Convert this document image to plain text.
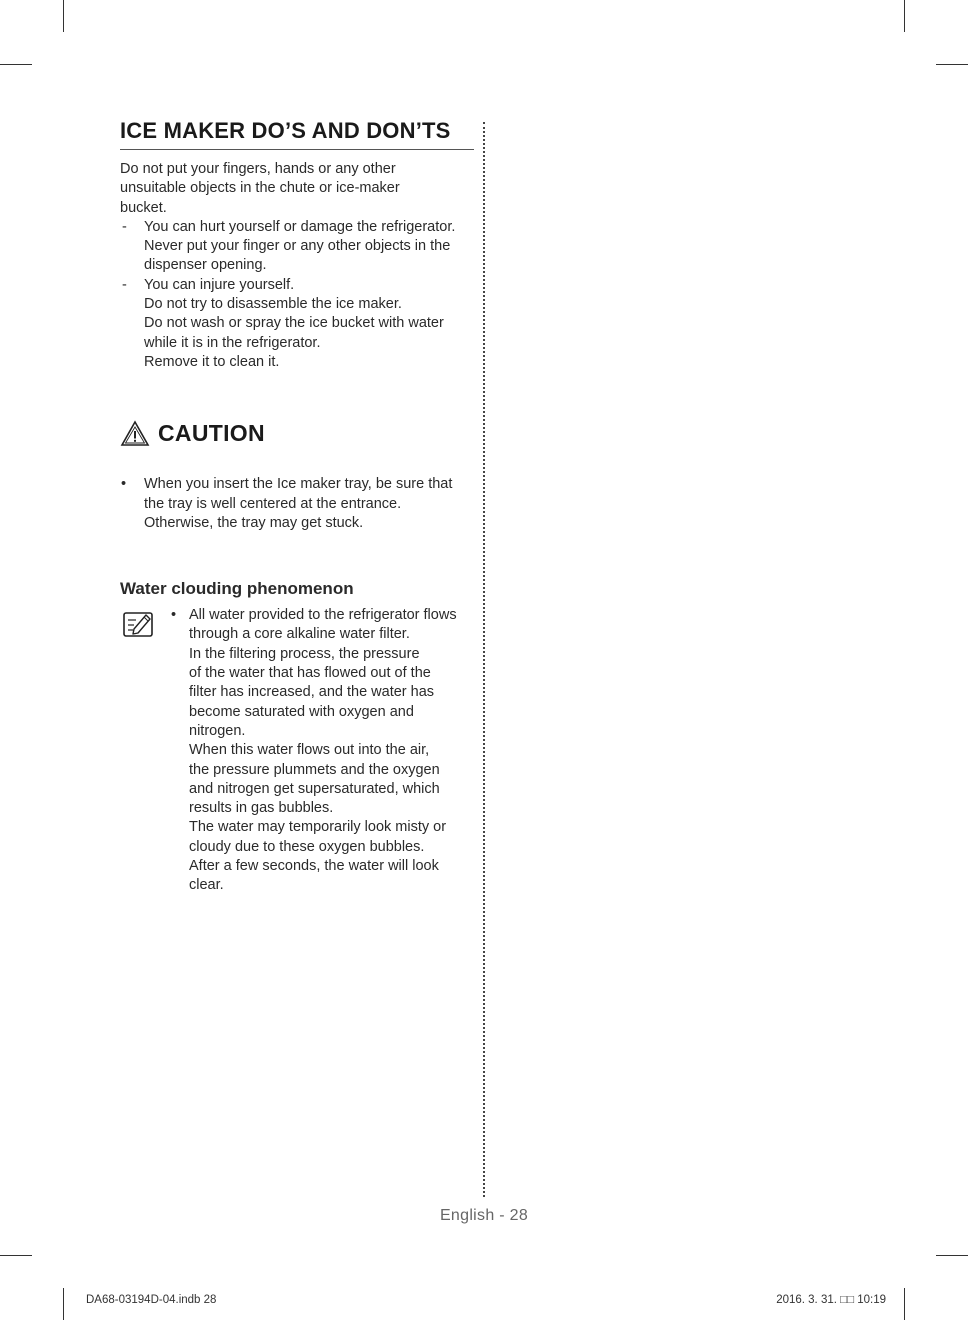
ICE MAKER DO’S AND DON’TS
Do not put your fingers, hands or any other
unsuitable objects in the chute or ice-maker
bucket.
- You can hurt yourself or damage the refrigerator.
Never put your finger or any other objects in the
dispenser opening.
- You can injure yourself.
Do not try to disassemble the ice maker.
Do not wash or spray the ice bucket with water
while it is in the refrigerator.
Remove it to clean it.
CAUTION
• When you insert the Ice maker tray, be sure that
the tray is well centered at the entrance.
Otherwise, the tray may get stuck.
Water clouding phenomenon
• All water provided to the refrigerator flows
through a core alkaline water filter.
In the filtering process, the pressure
of the water that has flowed out of the
filter has increased, and the water has
become saturated with oxygen and
nitrogen.
When this water flows out into the air,
the pressure plummets and the oxygen
and nitrogen get supersaturated, which
results in gas bubbles.
The water may temporarily look misty or
cloudy due to these oxygen bubbles.
After a few seconds, the water will look
clear.
English - 28
DA68-03194D-04.indb 28	2016. 3. 31. □□ 10:19
